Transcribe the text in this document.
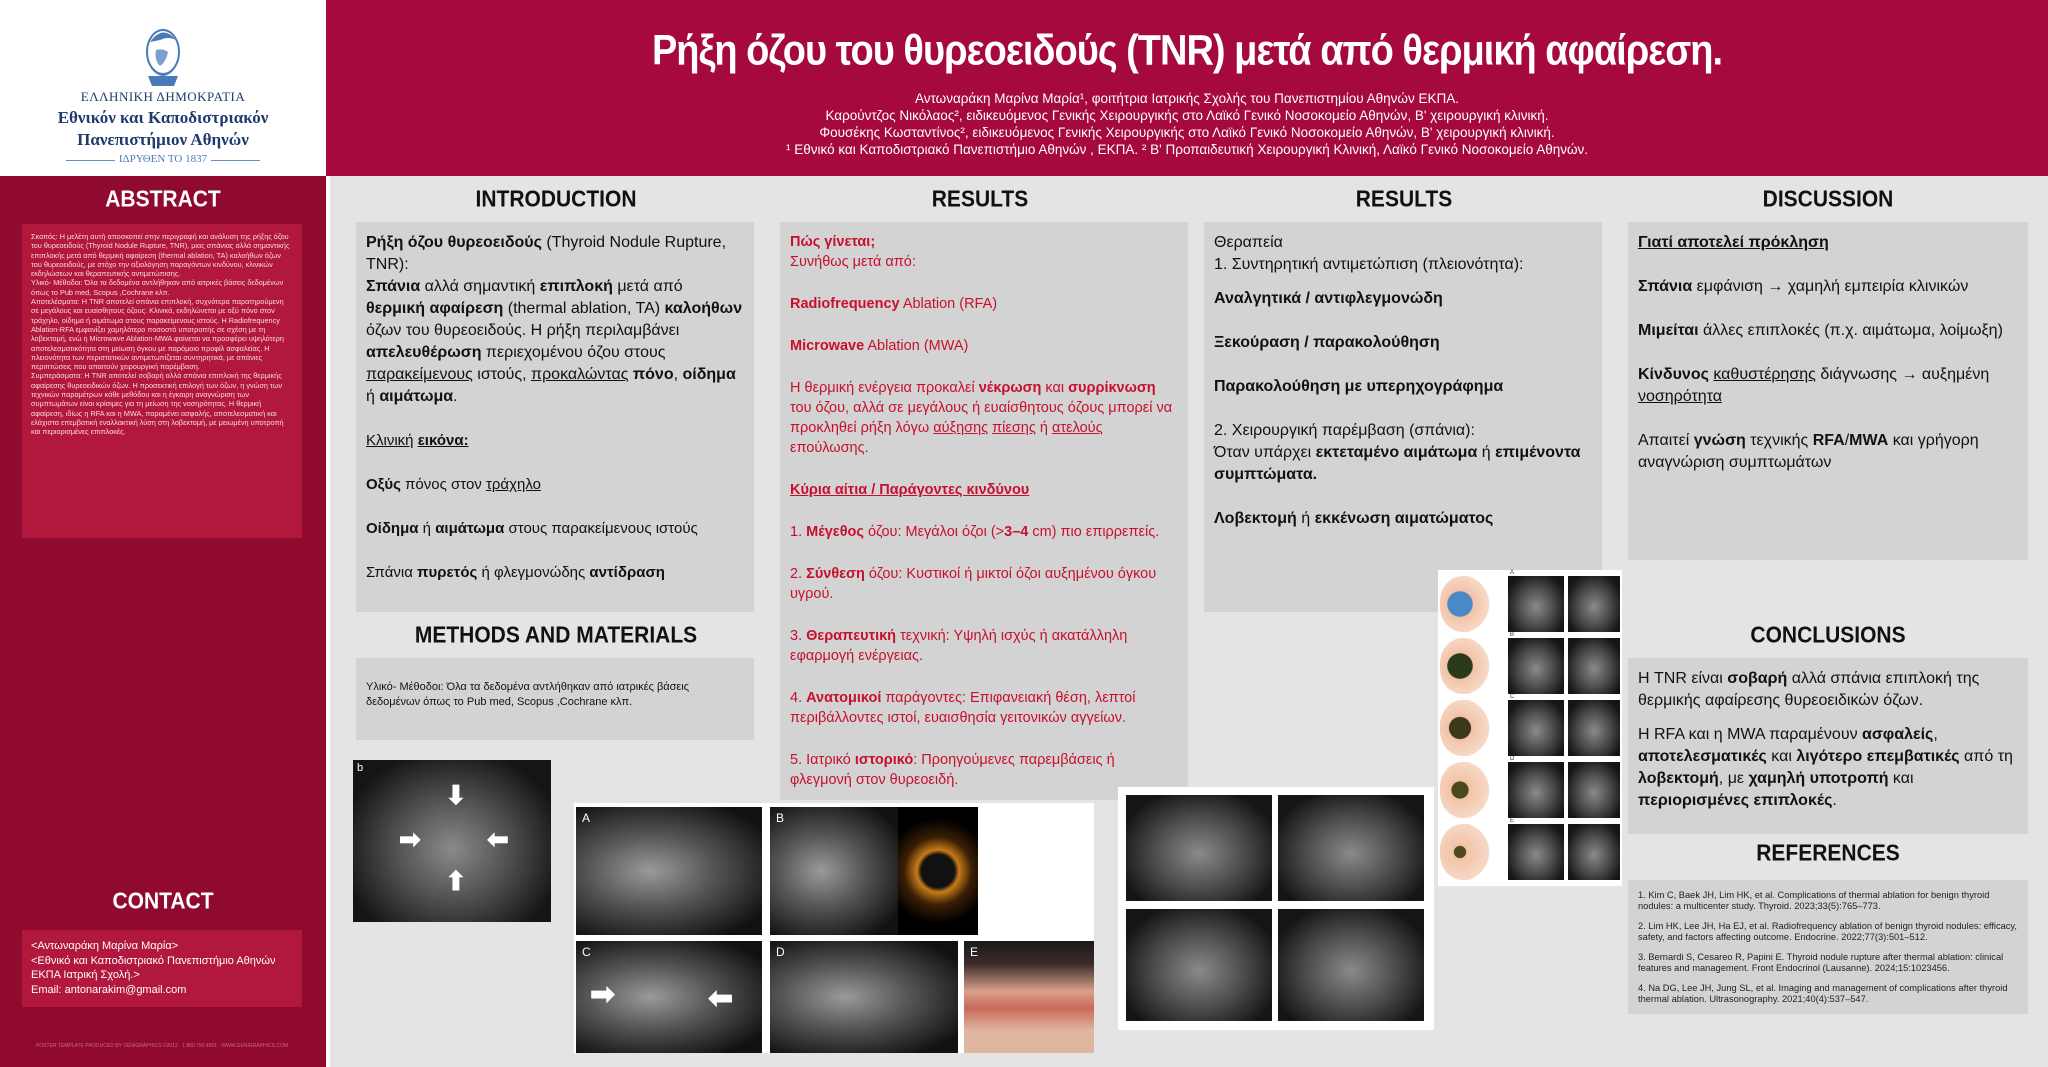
ΕΛΛΗΝΙΚΗ ΔΗΜΟΚΡΑΤΙΑ
Εθνικόν και Καποδιστριακόν
Πανεπιστήμιον Αθηνών
ΙΔΡΥΘΕΝ ΤΟ 1837
Ρήξη όζου του θυρεοειδούς (TNR) μετά από θερμική αφαίρεση.
Αντωναράκη Μαρίνα Μαρία¹, φοιτήτρια Ιατρικής Σχολής του Πανεπιστημίου Αθηνών ΕΚΠΑ.
Καρούντζος Νικόλαος², ειδικευόμενος Γενικής Χειρουργικής στο Λαϊκό Γενικό Νοσοκομείο Αθηνών, Β' χειρουργική κλινική.
Φουσέκης Κωσταντίνος², ειδικευόμενος Γενικής Χειρουργικής στο Λαϊκό Γενικό Νοσοκομείο Αθηνών, Β' χειρουργική κλινική.
¹ Εθνικό και Καποδιστριακό Πανεπιστήμιο Αθηνών , ΕΚΠΑ. ² Β' Προπαιδευτική Χειρουργική Κλινική, Λαϊκό Γενικό Νοσοκομείο Αθηνών.
ABSTRACT

Σκοπός: Η μελέτη αυτή αποσκοπεί στην περιγραφή και ανάλυση της ρήξης όζου του θυρεοειδούς (Thyroid Nodule Rupture, TNR), μιας σπάνιας αλλά σημαντικής επιπλοκής μετά από θερμική αφαίρεση (thermal ablation, TA) καλοήθων όζων του θυρεοειδούς, με στόχο την αξιολόγηση παραγόντων κινδύνου, κλινικών εκδηλώσεων και θεραπευτικής αντιμετώπισης.

Υλικό- Μέθοδοι: Όλα τα δεδομένα αντλήθηκαν από ιατρικές βάσεις δεδομένων όπως το Pub med, Scopus ,Cochrane κλπ.

Αποτελέσματα: Η TNR αποτελεί σπάνια επιπλοκή, συχνότερα παρατηρούμενη σε μεγάλους και ευαίσθητους όζους. Κλινικά, εκδηλώνεται με οξύ πόνο στον τράχηλο, οίδημα ή αιμάτωμα στους παρακείμενους ιστούς. Η Radiofrequency Ablation-RFA εμφανίζει χαμηλότερο ποσοστό υποτροπής σε σχέση με τη λοβεκτομή, ενώ η Microwave Ablation-MWA φαίνεται να προσφέρει υψηλότερη αποτελεσματικότητα στη μείωση όγκου με παρόμοιο προφίλ ασφαλείας. Η πλειονότητα των περιστατικών αντιμετωπίζεται συντηρητικά, με σπάνιες περιπτώσεις που απαιτούν χειρουργική παρέμβαση.

Συμπεράσματα: Η TNR αποτελεί σοβαρή αλλά σπάνια επιπλοκή της θερμικής αφαίρεσης θυρεοειδικών όζων. Η προσεκτική επιλογή των όζων, η γνώση των τεχνικών παραμέτρων κάθε μεθόδου και η έγκαιρη αναγνώριση των συμπτωμάτων είναι κρίσιμες για τη μείωση της νοσηρότητας. Η θερμική αφαίρεση, ιδίως η RFA και η MWA, παραμένει ασφαλής, αποτελεσματική και ελάχιστα επεμβατική εναλλακτική λύση στη λοβεκτομή, με μειωμένη υποτροπή και περιορισμένες επιπλοκές.

CONTACT
<Αντωναράκη Μαρίνα Μαρία>
<Εθνικό και Καποδιστριακό Πανεπιστήμιο Αθηνών ΕΚΠΑ Ιατρική Σχολή.>
Email: antonarakim@gmail.com
POSTER TEMPLATE PRODUCED BY GENIGRAPHICS ©2012 · 1.800.790.4001 · WWW.GENIGRAPHICS.COM
INTRODUCTION

Ρήξη όζου θυρεοειδούς (Thyroid Nodule Rupture, TNR):

Σπάνια αλλά σημαντική επιπλοκή μετά από θερμική αφαίρεση (thermal ablation, TA) καλοήθων όζων του θυρεοειδούς. Η ρήξη περιλαμβάνει απελευθέρωση περιεχομένου όζου στους παρακείμενους ιστούς, προκαλώντας πόνο, οίδημα ή αιμάτωμα.

Κλινική εικόνα:

Οξύς πόνος στον τράχηλο

Οίδημα ή αιμάτωμα στους παρακείμενους ιστούς

Σπάνια πυρετός ή φλεγμονώδης αντίδραση

METHODS AND MATERIALS

Υλικό- Μέθοδοι: Όλα τα δεδομένα αντλήθηκαν από ιατρικές βάσεις δεδομένων όπως το Pub med, Scopus ,Cochrane κλπ.

RESULTS

Πώς γίνεται;

Συνήθως μετά από:

Radiofrequency Ablation (RFA)

Microwave Ablation (MWA)

Η θερμική ενέργεια προκαλεί νέκρωση και συρρίκνωση του όζου, αλλά σε μεγάλους ή ευαίσθητους όζους μπορεί να προκληθεί ρήξη λόγω αύξησης πίεσης ή ατελούς επούλωσης.

Κύρια αίτια / Παράγοντες κινδύνου

1. Μέγεθος όζου: Μεγάλοι όζοι (>3–4 cm) πιο επιρρεπείς.

2. Σύνθεση όζου: Κυστικοί ή μικτοί όζοι αυξημένου όγκου υγρού.

3. Θεραπευτική τεχνική: Υψηλή ισχύς ή ακατάλληλη εφαρμογή ενέργειας.

4. Ανατομικοί παράγοντες: Επιφανειακή θέση, λεπτοί περιβάλλοντες ιστοί, ευαισθησία γειτονικών αγγείων.

5. Ιατρικό ιστορικό: Προηγούμενες παρεμβάσεις ή φλεγμονή στον θυρεοειδή.

RESULTS

Θεραπεία

1. Συντηρητική αντιμετώπιση (πλειονότητα):

Αναλγητικά / αντιφλεγμονώδη

Ξεκούραση / παρακολούθηση

Παρακολούθηση με υπερηχογράφημα

2. Χειρουργική παρέμβαση (σπάνια):

Όταν υπάρχει εκτεταμένο αιμάτωμα ή επιμένοντα συμπτώματα.

Λοβεκτομή ή εκκένωση αιματώματος

DISCUSSION

Γιατί αποτελεί πρόκληση

Σπάνια εμφάνιση → χαμηλή εμπειρία κλινικών

Μιμείται άλλες επιπλοκές (π.χ. αιμάτωμα, λοίμωξη)

Κίνδυνος καθυστέρησης διάγνωσης → αυξημένη νοσηρότητα

Απαιτεί γνώση τεχνικής RFA/MWA και γρήγορη αναγνώριση συμπτωμάτων

CONCLUSIONS

Η TNR είναι σοβαρή αλλά σπάνια επιπλοκή της θερμικής αφαίρεσης θυρεοειδικών όζων.

Η RFA και η MWA παραμένουν ασφαλείς, αποτελεσματικές και λιγότερο επεμβατικές από τη λοβεκτομή, με χαμηλή υποτροπή και περιορισμένες επιπλοκές.

REFERENCES
1. Kim C, Baek JH, Lim HK, et al. Complications of thermal ablation for benign thyroid nodules: a multicenter study. Thyroid. 2023;33(5):765–773.
2. Lim HK, Lee JH, Ha EJ, et al. Radiofrequency ablation of benign thyroid nodules: efficacy, safety, and factors affecting outcome. Endocrine. 2022;77(3):501–512.
3. Bernardi S, Cesareo R, Papini E. Thyroid nodule rupture after thermal ablation: clinical features and management. Front Endocrinol (Lausanne). 2024;15:1023456.
4. Na DG, Lee JH, Jung SL, et al. Imaging and management of complications after thyroid thermal ablation. Ultrasonography. 2021;40(4):537–547.
b
⬇
➡	⬅
⬆
A	B
C
➡	⬅
D	E
A
B
C
D
E
